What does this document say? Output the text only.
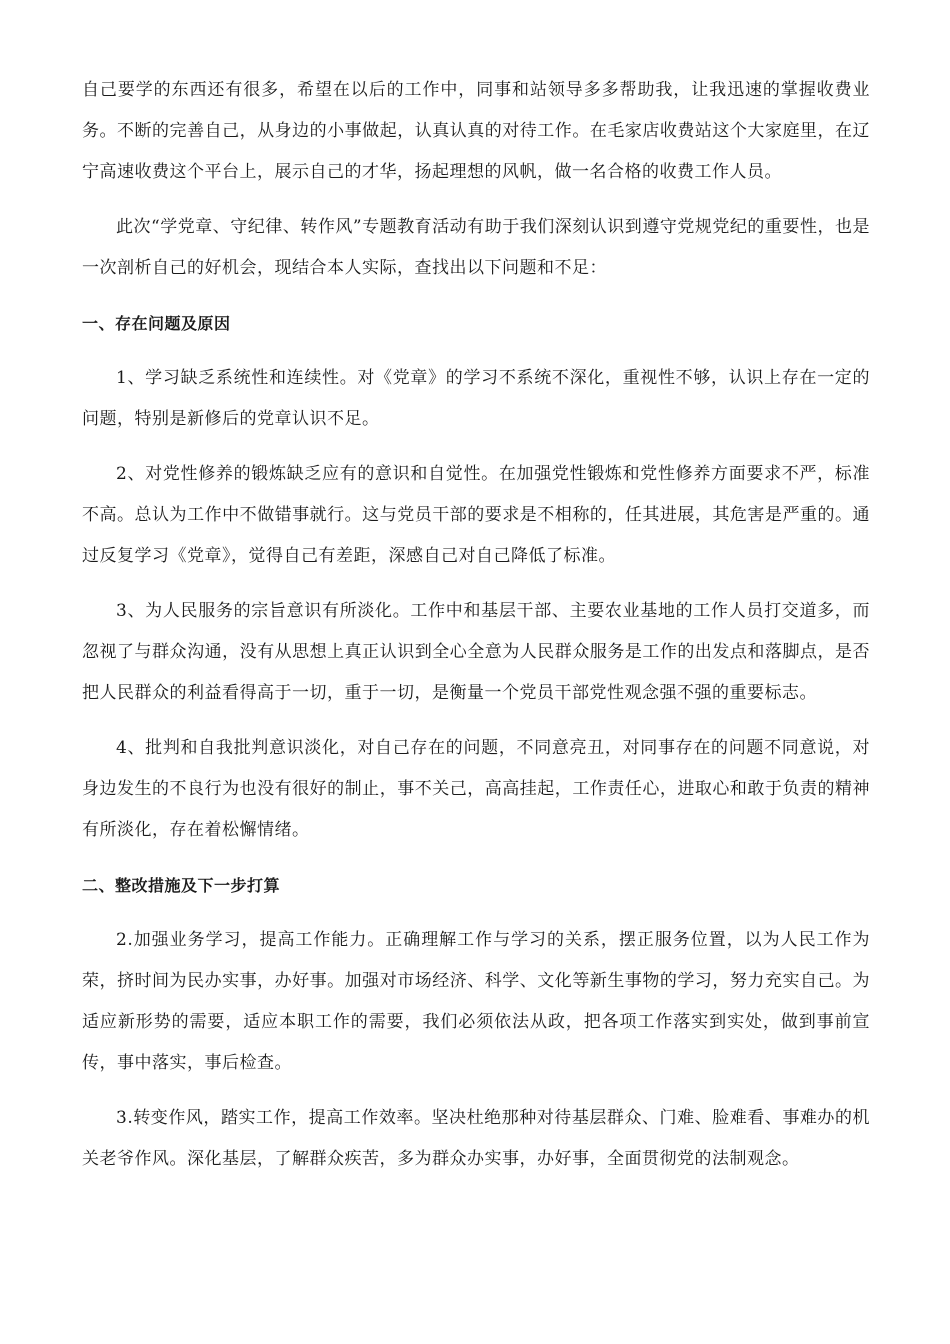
自己要学的东西还有很多，希望在以后的工作中，同事和站领导多多帮助我，让我迅速的掌握收费业务。不断的完善自己，从身边的小事做起，认真认真的对待工作。在毛家店收费站这个大家庭里，在辽宁高速收费这个平台上，展示自己的才华，扬起理想的风帆，做一名合格的收费工作人员。

此次“学党章、守纪律、转作风”专题教育活动有助于我们深刻认识到遵守党规党纪的重要性，也是一次剖析自己的好机会，现结合本人实际，查找出以下问题和不足：

一、存在问题及原因

1、学习缺乏系统性和连续性。对《党章》的学习不系统不深化，重视性不够，认识上存在一定的问题，特别是新修后的党章认识不足。

2、对党性修养的锻炼缺乏应有的意识和自觉性。在加强党性锻炼和党性修养方面要求不严，标准不高。总认为工作中不做错事就行。这与党员干部的要求是不相称的，任其进展，其危害是严重的。通过反复学习《党章》，觉得自己有差距，深感自己对自己降低了标准。

3、为人民服务的宗旨意识有所淡化。工作中和基层干部、主要农业基地的工作人员打交道多，而忽视了与群众沟通，没有从思想上真正认识到全心全意为人民群众服务是工作的出发点和落脚点，是否把人民群众的利益看得高于一切，重于一切，是衡量一个党员干部党性观念强不强的重要标志。

4、批判和自我批判意识淡化，对自己存在的问题，不同意亮丑，对同事存在的问题不同意说，对身边发生的不良行为也没有很好的制止，事不关己，高高挂起，工作责任心，进取心和敢于负责的精神有所淡化，存在着松懈情绪。

二、整改措施及下一步打算

2.加强业务学习，提高工作能力。正确理解工作与学习的关系，摆正服务位置，以为人民工作为荣，挤时间为民办实事，办好事。加强对市场经济、科学、文化等新生事物的学习，努力充实自己。为适应新形势的需要，适应本职工作的需要，我们必须依法从政，把各项工作落实到实处，做到事前宣传，事中落实，事后检查。

3.转变作风，踏实工作，提高工作效率。坚决杜绝那种对待基层群众、门难、脸难看、事难办的机关老爷作风。深化基层，了解群众疾苦，多为群众办实事，办好事，全面贯彻党的法制观念。
